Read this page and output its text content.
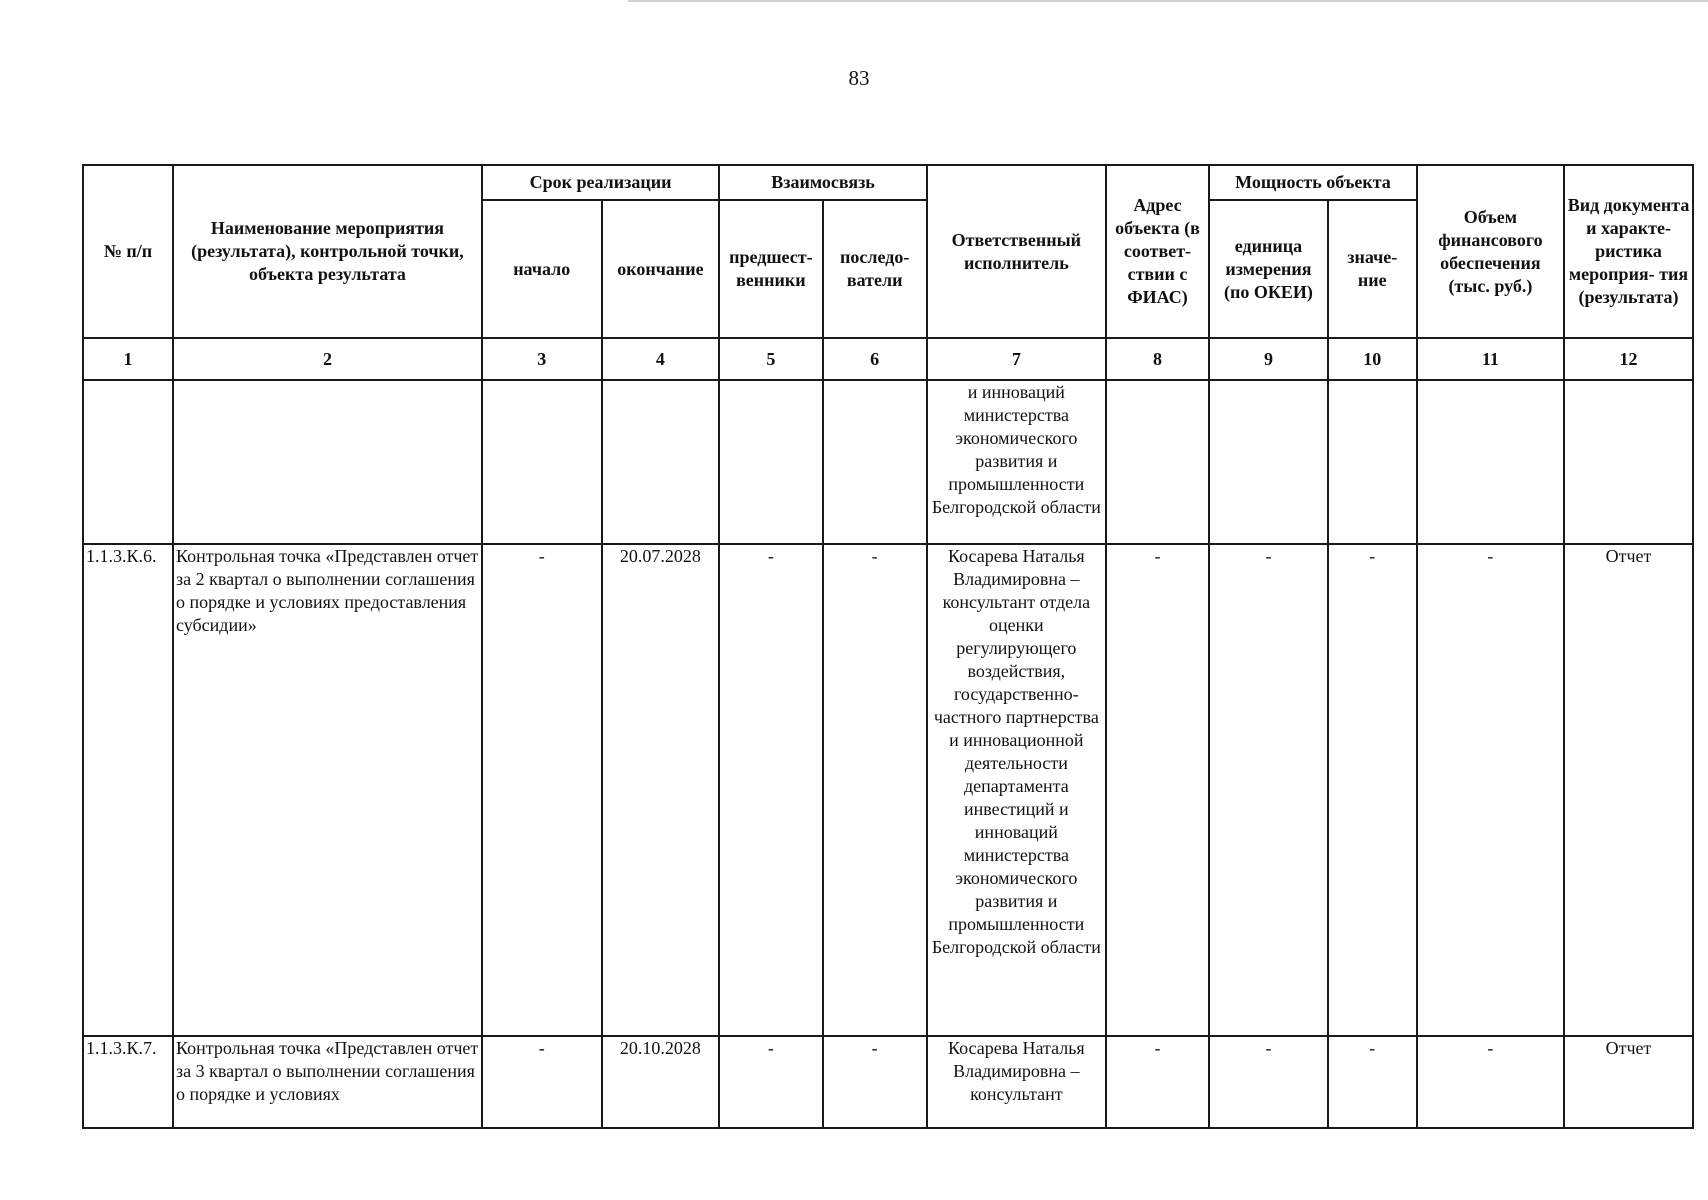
83
№ п/п	Наименование мероприятия (результата), контрольной точки, объекта результата	Срок реализации		Взаимосвязь		Ответственный исполнитель	Адрес объекта (в соответ- ствии с ФИАС)	Мощность объекта		Объем финансового обеспечения (тыс. руб.)	Вид документа и характе- ристика мероприя- тия (результата)
		начало	окончание	предшест- венники	последо- ватели			единица измерения (по ОКЕИ)	значе- ние		
1	2	3	4	5	6	7	8	9	10	11	12
						и инноваций министерства экономического развития и промышленности Белгородской области					
1.1.3.К.6.	Контрольная точка «Представлен отчет за 2 квартал о выполнении соглашения о порядке и условиях предоставления субсидии»	-	20.07.2028	-	-	Косарева Наталья Владимировна – консультант отдела оценки регулирующего воздействия, государственно-частного партнерства и инновационной деятельности департамента инвестиций и инноваций министерства экономического развития и промышленности Белгородской области	-	-	-	-	Отчет
1.1.3.К.7.	Контрольная точка «Представлен отчет за 3 квартал о выполнении соглашения о порядке и условиях	-	20.10.2028	-	-	Косарева Наталья Владимировна – консультант	-	-	-	-	Отчет
